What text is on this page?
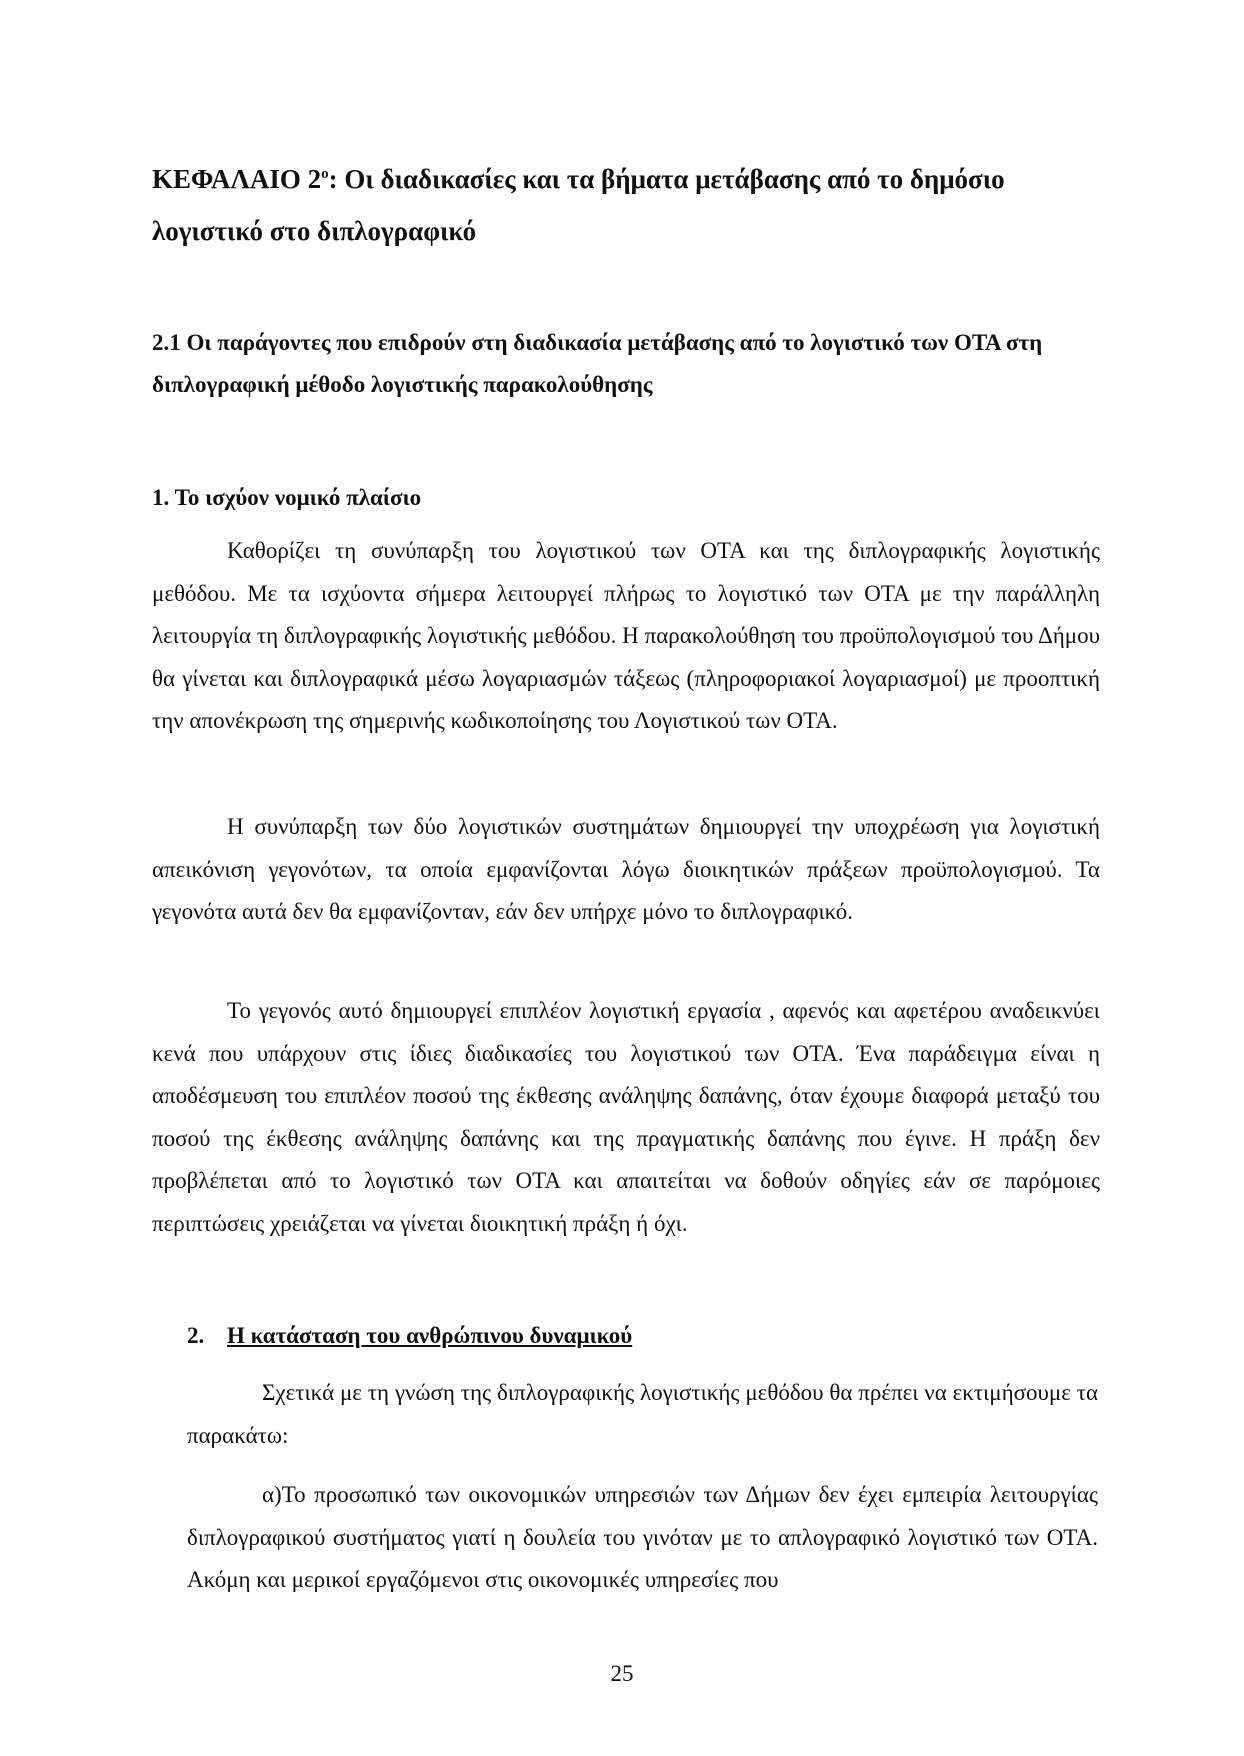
ΚΕΦΑΛΑΙΟ $2^o$: Οι διαδικασίες και τα βήματα μετάβασης από το δημόσιο λογιστικό στο διπλογραφικό
2.1 Οι παράγοντες που επιδρούν στη διαδικασία μετάβασης από το λογιστικό των ΟΤΑ στη διπλογραφική μέθοδο λογιστικής παρακολούθησης
1. Το ισχύον νομικό πλαίσιο

Καθορίζει τη συνύπαρξη του λογιστικού των ΟΤΑ και της διπλογραφικής λογιστικής μεθόδου. Με τα ισχύοντα σήμερα λειτουργεί πλήρως το λογιστικό των ΟΤΑ με την παράλληλη λειτουργία τη διπλογραφικής λογιστικής μεθόδου. Η παρακολούθηση του προϋπολογισμού του Δήμου θα γίνεται και διπλογραφικά μέσω λογαριασμών τάξεως (πληροφοριακοί λογαριασμοί) με προοπτική την απονέκρωση της σημερινής κωδικοποίησης του Λογιστικού των ΟΤΑ.

Η συνύπαρξη των δύο λογιστικών συστημάτων δημιουργεί την υποχρέωση για λογιστική απεικόνιση γεγονότων, τα οποία εμφανίζονται λόγω διοικητικών πράξεων προϋπολογισμού. Τα γεγονότα αυτά δεν θα εμφανίζονταν, εάν δεν υπήρχε μόνο το διπλογραφικό.

Το γεγονός αυτό δημιουργεί επιπλέον λογιστική εργασία , αφενός και αφετέρου αναδεικνύει κενά που υπάρχουν στις ίδιες διαδικασίες του λογιστικού των ΟΤΑ. Ένα παράδειγμα είναι η αποδέσμευση του επιπλέον ποσού της έκθεσης ανάληψης δαπάνης, όταν έχουμε διαφορά μεταξύ του ποσού της έκθεσης ανάληψης δαπάνης και της πραγματικής δαπάνης που έγινε. Η πράξη δεν προβλέπεται από το λογιστικό των ΟΤΑ και απαιτείται να δοθούν οδηγίες εάν σε παρόμοιες περιπτώσεις χρειάζεται να γίνεται διοικητική πράξη ή όχι.

2. Η κατάσταση του ανθρώπινου δυναμικού

Σχετικά με τη γνώση της διπλογραφικής λογιστικής μεθόδου θα πρέπει να εκτιμήσουμε τα παρακάτω:

α)Το προσωπικό των οικονομικών υπηρεσιών των Δήμων δεν έχει εμπειρία λειτουργίας διπλογραφικού συστήματος γιατί η δουλεία του γινόταν με το απλογραφικό λογιστικό των ΟΤΑ. Ακόμη και μερικοί εργαζόμενοι στις οικονομικές υπηρεσίες που

25
